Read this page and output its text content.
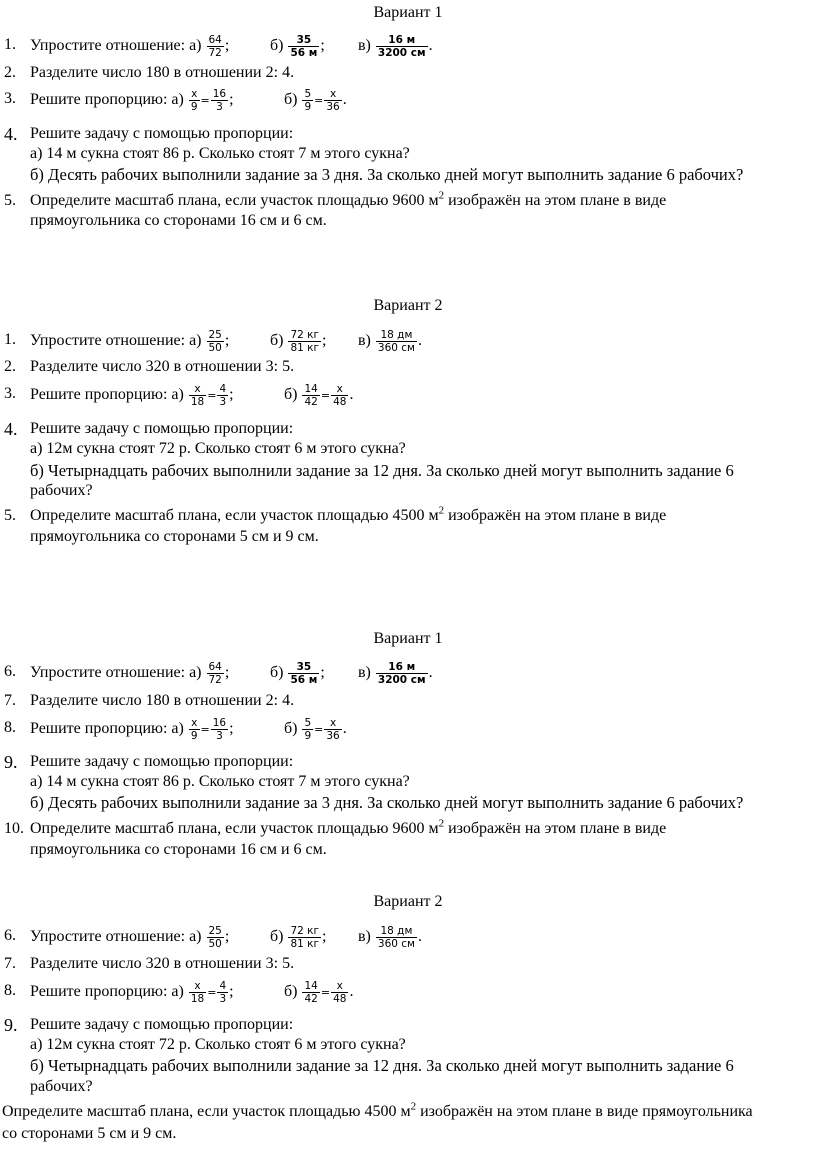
Вариант 1
1. Упростите отношение: $а) \frac{64}{72}$ ;	$б) \frac{35}{56 м}$ ; $в) \frac{16 м}{3200 см}$ .
2. Разделите число 180 в отношении 2: 4.
3. Решите пропорцию: $а) \frac{x}{9} = \frac{16}{3}$ ;	$б) \frac{5}{9} = \frac{x}{36}$ .
4. Решите задачу с помощью пропорции:
а) 14 м сукна стоят 86 р. Сколько стоят 7 м этого сукна?
б) Десять рабочих выполнили задание за 3 дня. За сколько дней могут выполнить задание 6 рабочих?
5. Определите масштаб плана, если участок площадью 9600 $м^2$ изображён на этом плане в виде
прямоугольника со сторонами 16 см и 6 см.
Вариант 2
1. Упростите отношение: $а) \frac{25}{50}$ ;	$б) \frac{72 кг}{81 кг}$ ; $в) \frac{18 дм}{360 см}$ .
2. Разделите число 320 в отношении 3: 5.
3. Решите пропорцию: $а) \frac{x}{18} = \frac{4}{3}$ ;	$б) \frac{14}{42} = \frac{x}{48}$ .
4. Решите задачу с помощью пропорции:
а) 12м сукна стоят 72 р. Сколько стоят 6 м этого сукна?
б) Четырнадцать рабочих выполнили задание за 12 дня. За сколько дней могут выполнить задание 6
рабочих?
5. Определите масштаб плана, если участок площадью 4500 $м^2$ изображён на этом плане в виде
прямоугольника со сторонами 5 см и 9 см.
Вариант 1
6. Упростите отношение: $а) \frac{64}{72}$ ;	$б) \frac{35}{56 м}$ ; $в) \frac{16 м}{3200 см}$ .
7. Разделите число 180 в отношении 2: 4.
8. Решите пропорцию: $а) \frac{x}{9} = \frac{16}{3}$ ;	$б) \frac{5}{9} = \frac{x}{36}$ .
9. Решите задачу с помощью пропорции:
а) 14 м сукна стоят 86 р. Сколько стоят 7 м этого сукна?
б) Десять рабочих выполнили задание за 3 дня. За сколько дней могут выполнить задание 6 рабочих?
10. Определите масштаб плана, если участок площадью 9600 $м^2$ изображён на этом плане в виде
прямоугольника со сторонами 16 см и 6 см.
Вариант 2
6. Упростите отношение: $а) \frac{25}{50}$ ;	$б) \frac{72 кг}{81 кг}$ ; $в) \frac{18 дм}{360 см}$ .
7. Разделите число 320 в отношении 3: 5.
8. Решите пропорцию: $а) \frac{x}{18} = \frac{4}{3}$ ;	$б) \frac{14}{42} = \frac{x}{48}$ .
9. Решите задачу с помощью пропорции:
а) 12м сукна стоят 72 р. Сколько стоят 6 м этого сукна?
б) Четырнадцать рабочих выполнили задание за 12 дня. За сколько дней могут выполнить задание 6
рабочих?
Определите масштаб плана, если участок площадью 4500 $м^2$ изображён на этом плане в виде прямоугольника
со сторонами 5 см и 9 см.
